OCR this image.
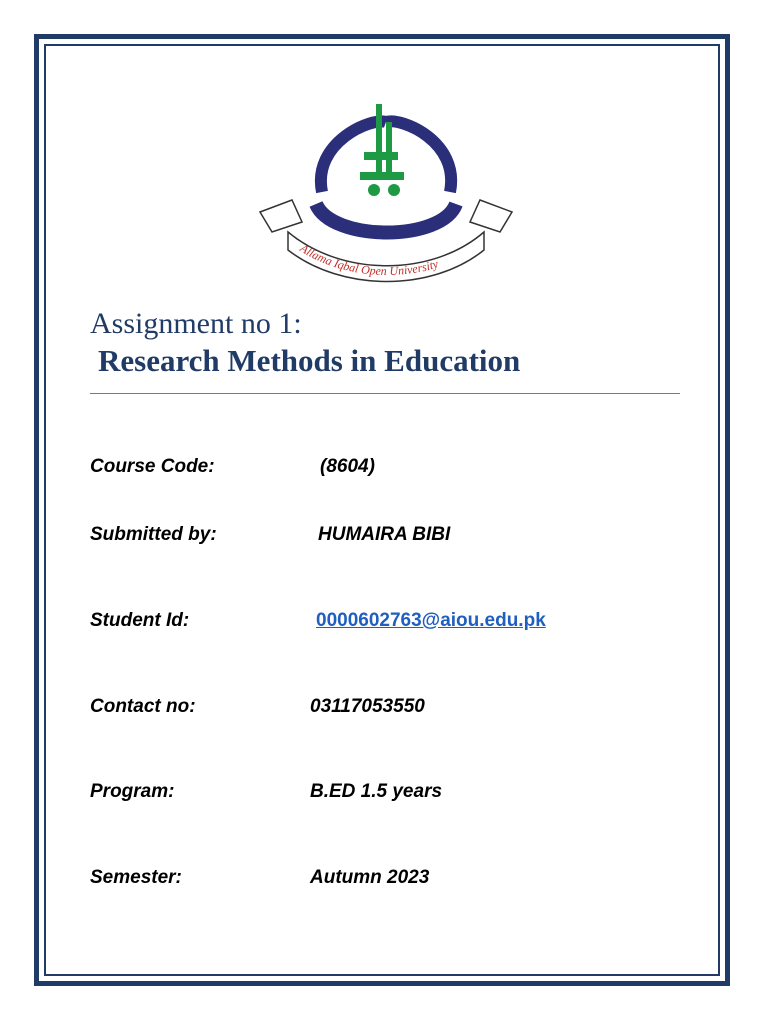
Allama Iqbal Open University

Assignment no 1:

Research Methods in Education

Course Code:	(8604)
Submitted by:	HUMAIRA BIBI
Student Id:	0000602763@aiou.edu.pk
Contact no:	03117053550
Program:	B.ED 1.5 years
Semester:	Autumn 2023
